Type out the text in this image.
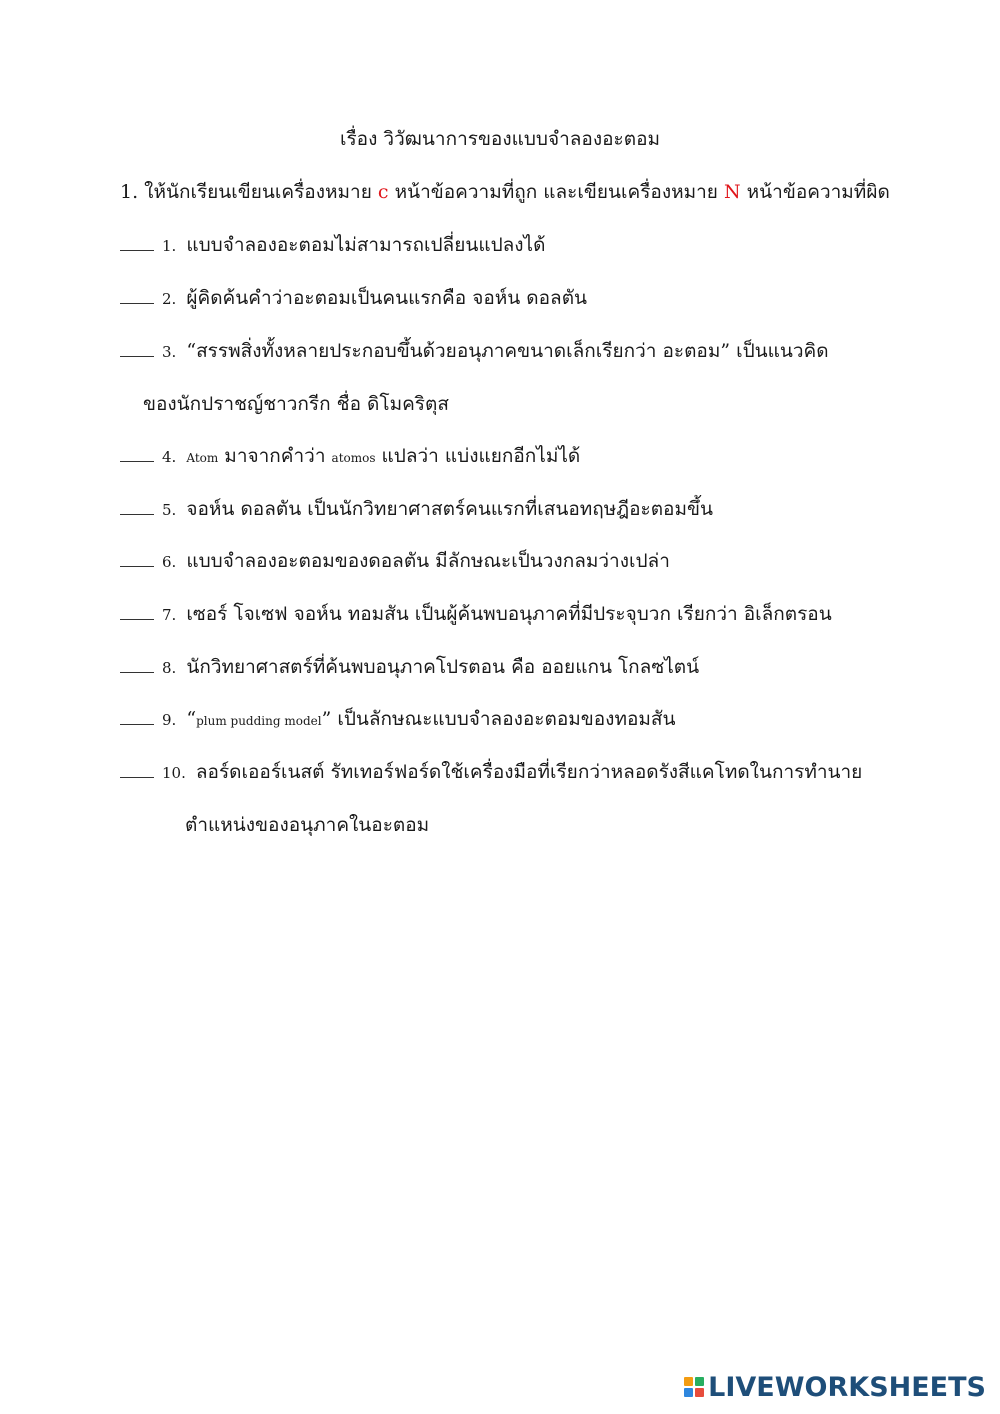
เรื่อง วิวัฒนาการของแบบจำลองอะตอม
1. ให้นักเรียนเขียนเครื่องหมาย c หน้าข้อความที่ถูก และเขียนเครื่องหมาย N หน้าข้อความที่ผิด
1. แบบจำลองอะตอมไม่สามารถเปลี่ยนแปลงได้
2. ผู้คิดค้นคำว่าอะตอมเป็นคนแรกคือ จอห์น ดอลตัน
3. “สรรพสิ่งทั้งหลายประกอบขึ้นด้วยอนุภาคขนาดเล็กเรียกว่า อะตอม” เป็นแนวคิด
ของนักปราชญ์ชาวกรีก ชื่อ ดิโมคริตุส
4. Atom มาจากคำว่า atomos แปลว่า แบ่งแยกอีกไม่ได้
5. จอห์น ดอลตัน เป็นนักวิทยาศาสตร์คนแรกที่เสนอทฤษฎีอะตอมขึ้น
6. แบบจำลองอะตอมของดอลตัน มีลักษณะเป็นวงกลมว่างเปล่า
7. เซอร์ โจเซฟ จอห์น ทอมสัน เป็นผู้ค้นพบอนุภาคที่มีประจุบวก เรียกว่า อิเล็กตรอน
8. นักวิทยาศาสตร์ที่ค้นพบอนุภาคโปรตอน คือ ออยแกน โกลซไตน์
9. “plum pudding model” เป็นลักษณะแบบจำลองอะตอมของทอมสัน
10. ลอร์ดเออร์เนสต์ รัทเทอร์ฟอร์ดใช้เครื่องมือที่เรียกว่าหลอดรังสีแคโทดในการทำนาย
ตำแหน่งของอนุภาคในอะตอม
LIVEWORKSHEETS
